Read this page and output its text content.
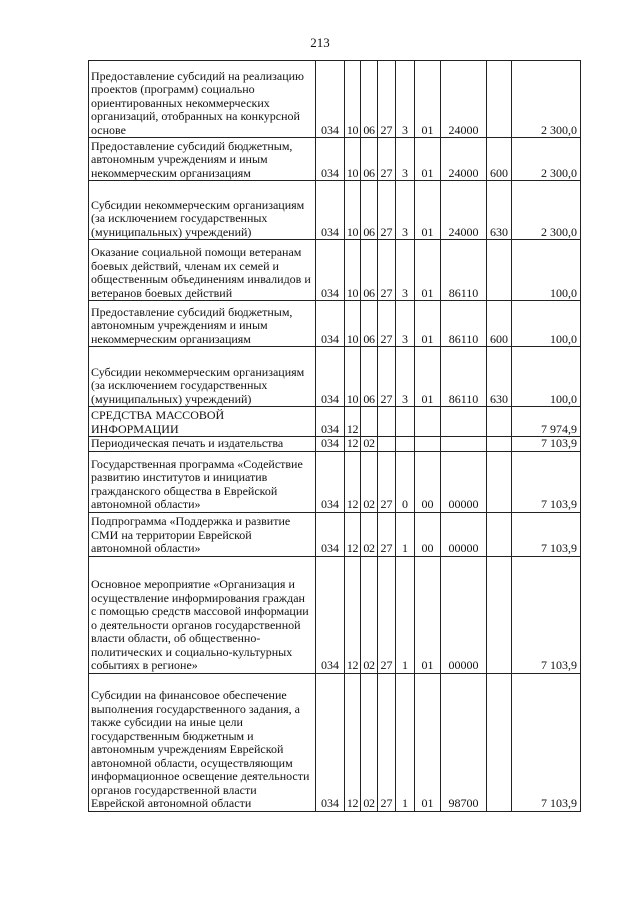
213
Предоставление субсидий на реализацию проектов (программ) социально ориентированных некоммерческих организаций, отобранных на конкурсной основе	034	10	06	27	3	01	24000		2 300,0
Предоставление субсидий бюджетным, автономным учреждениям и иным некоммерческим организациям	034	10	06	27	3	01	24000	600	2 300,0
Субсидии некоммерческим организациям (за исключением государственных (муниципальных) учреждений)	034	10	06	27	3	01	24000	630	2 300,0
Оказание социальной помощи ветеранам боевых действий, членам их семей и общественным объединениям инвалидов и ветеранов боевых действий	034	10	06	27	3	01	86110		100,0
Предоставление субсидий бюджетным, автономным учреждениям и иным некоммерческим организациям	034	10	06	27	3	01	86110	600	100,0
Субсидии некоммерческим организациям (за исключением государственных (муниципальных) учреждений)	034	10	06	27	3	01	86110	630	100,0
СРЕДСТВА МАССОВОЙ ИНФОРМАЦИИ	034	12							7 974,9
Периодическая печать и издательства	034	12	02						7 103,9
Государственная программа «Содействие развитию институтов и инициатив гражданского общества в Еврейской автономной области»	034	12	02	27	0	00	00000		7 103,9
Подпрограмма «Поддержка и развитие СМИ на территории Еврейской автономной области»	034	12	02	27	1	00	00000		7 103,9
Основное мероприятие «Организация и осуществление информирования граждан с помощью средств массовой информации о деятельности органов государственной власти области, об общественно-политических и социально-культурных событиях в регионе»	034	12	02	27	1	01	00000		7 103,9
Субсидии на финансовое обеспечение выполнения государственного задания, а также субсидии на иные цели государственным бюджетным и автономным учреждениям Еврейской автономной области, осуществляющим информационное освещение деятельности органов государственной власти Еврейской автономной области	034	12	02	27	1	01	98700		7 103,9
